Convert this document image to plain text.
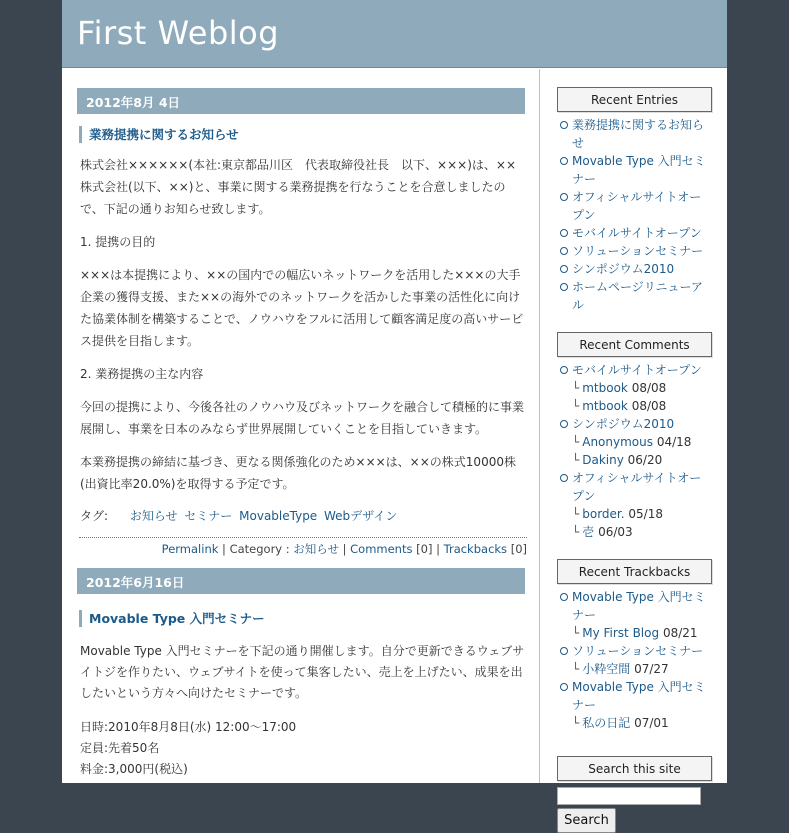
First Weblog
2012年8月 4日
業務提携に関するお知らせ

株式会社××××××(本社:東京都品川区　代表取締役社長　以下、×××)は、××株式会社(以下、××)と、事業に関する業務提携を行なうことを合意しましたので、下記の通りお知らせ致します。

1. 提携の目的

×××は本提携により、××の国内での幅広いネットワークを活用した×××の大手企業の獲得支援、また××の海外でのネットワークを活かした事業の活性化に向けた協業体制を構築することで、ノウハウをフルに活用して顧客満足度の高いサービス提供を目指します。

2. 業務提携の主な内容

今回の提携により、今後各社のノウハウ及びネットワークを融合して積極的に事業展開し、事業を日本のみならず世界展開していくことを目指していきます。

本業務提携の締結に基づき、更なる関係強化のため×××は、××の株式10000株(出資比率20.0%)を取得する予定です。

タグ: お知らせ セミナー MovableType Webデザイン
Permalink | Category : お知らせ | Comments [0] | Trackbacks [0]
2012年6月16日
Movable Type 入門セミナー

Movable Type 入門セミナーを下記の通り開催します。自分で更新できるウェブサイトジを作りたい、ウェブサイトを使って集客したい、売上を上げたい、成果を出したいという方々へ向けたセミナーです。

日時:2010年8月8日(水) 12:00〜17:00
定員:先着50名
料金:3,000円(税込)
Recent Entries
業務提携に関するお知らせ
Movable Type 入門セミナー
オフィシャルサイトオープン
モバイルサイトオープン
ソリューションセミナー
シンポジウム2010
ホームページリニューアル
Recent Comments
モバイルサイトオープン
└ mtbook 08/08
└ mtbook 08/08
シンポジウム2010
└ Anonymous 04/18
└ Dakiny 06/20
オフィシャルサイトオープン
└ border. 05/18
└ 壱 06/03
Recent Trackbacks
Movable Type 入門セミナー
└ My First Blog 08/21
ソリューションセミナー
└ 小粋空間 07/27
Movable Type 入門セミナー
└ 私の日記 07/01
Search this site
Search
